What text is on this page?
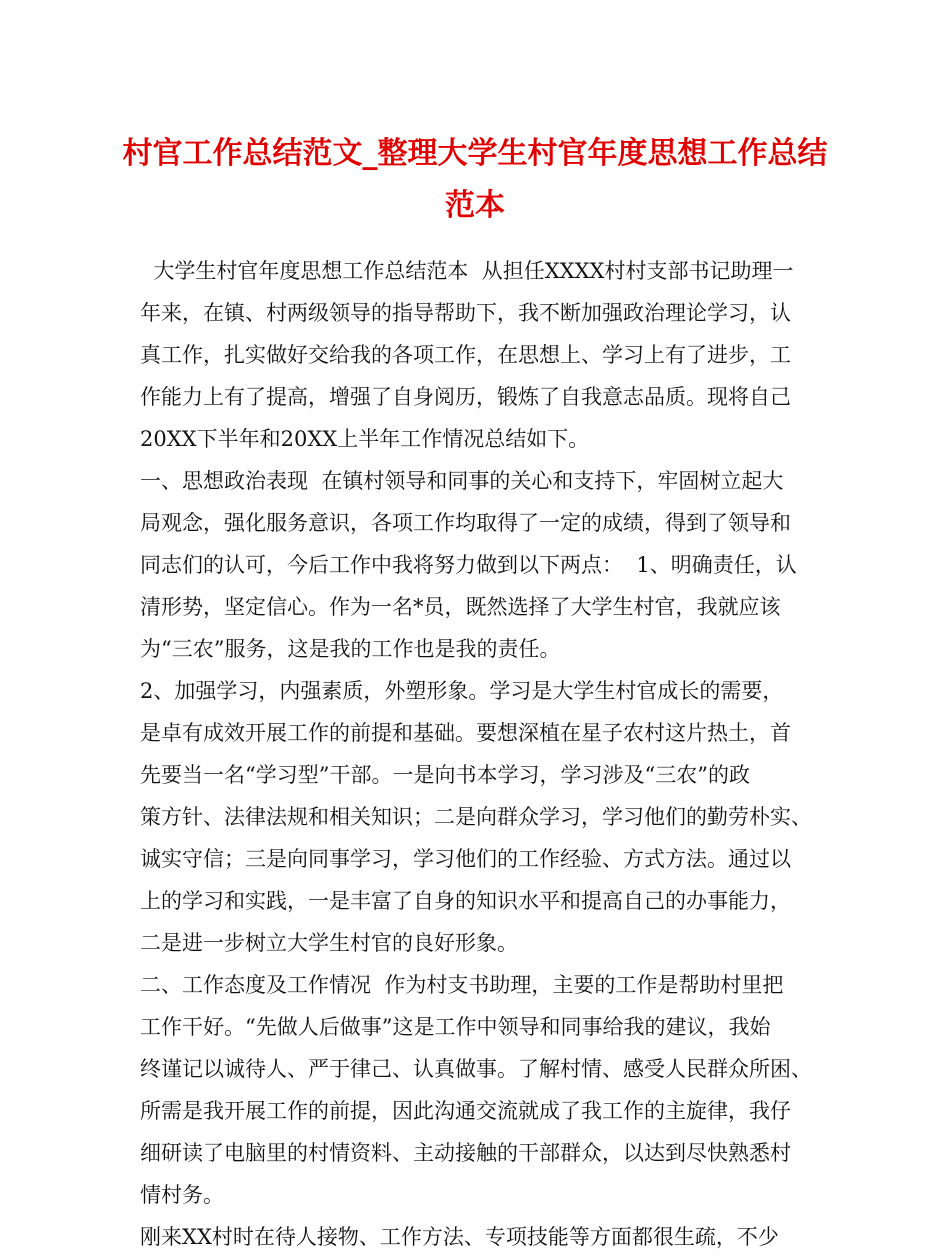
村官工作总结范文_整理大学生村官年度思想工作总结
范本
大学生村官年度思想工作总结范本  从担任XXXX村村支部书记助理一
年来，在镇、村两级领导的指导帮助下，我不断加强政治理论学习，认
真工作，扎实做好交给我的各项工作，在思想上、学习上有了进步，工
作能力上有了提高，增强了自身阅历，锻炼了自我意志品质。现将自己
20XX下半年和20XX上半年工作情况总结如下。
一、思想政治表现  在镇村领导和同事的关心和支持下，牢固树立起大
局观念，强化服务意识，各项工作均取得了一定的成绩，得到了领导和
同志们的认可，今后工作中我将努力做到以下两点：  1、明确责任，认
清形势，坚定信心。作为一名*员，既然选择了大学生村官，我就应该
为“三农”服务，这是我的工作也是我的责任。
2、加强学习，内强素质，外塑形象。学习是大学生村官成长的需要，
是卓有成效开展工作的前提和基础。要想深植在星子农村这片热土，首
先要当一名“学习型”干部。一是向书本学习，学习涉及“三农”的政
策方针、法律法规和相关知识；二是向群众学习，学习他们的勤劳朴实、
诚实守信；三是向同事学习，学习他们的工作经验、方式方法。通过以
上的学习和实践，一是丰富了自身的知识水平和提高自己的办事能力，
二是进一步树立大学生村官的良好形象。
二、工作态度及工作情况  作为村支书助理，主要的工作是帮助村里把
工作干好。“先做人后做事”这是工作中领导和同事给我的建议，我始
终谨记以诚待人、严于律己、认真做事。了解村情、感受人民群众所困、
所需是我开展工作的前提，因此沟通交流就成了我工作的主旋律，我仔
细研读了电脑里的村情资料、主动接触的干部群众，以达到尽快熟悉村
情村务。
刚来XX村时在待人接物、工作方法、专项技能等方面都很生疏，不少
